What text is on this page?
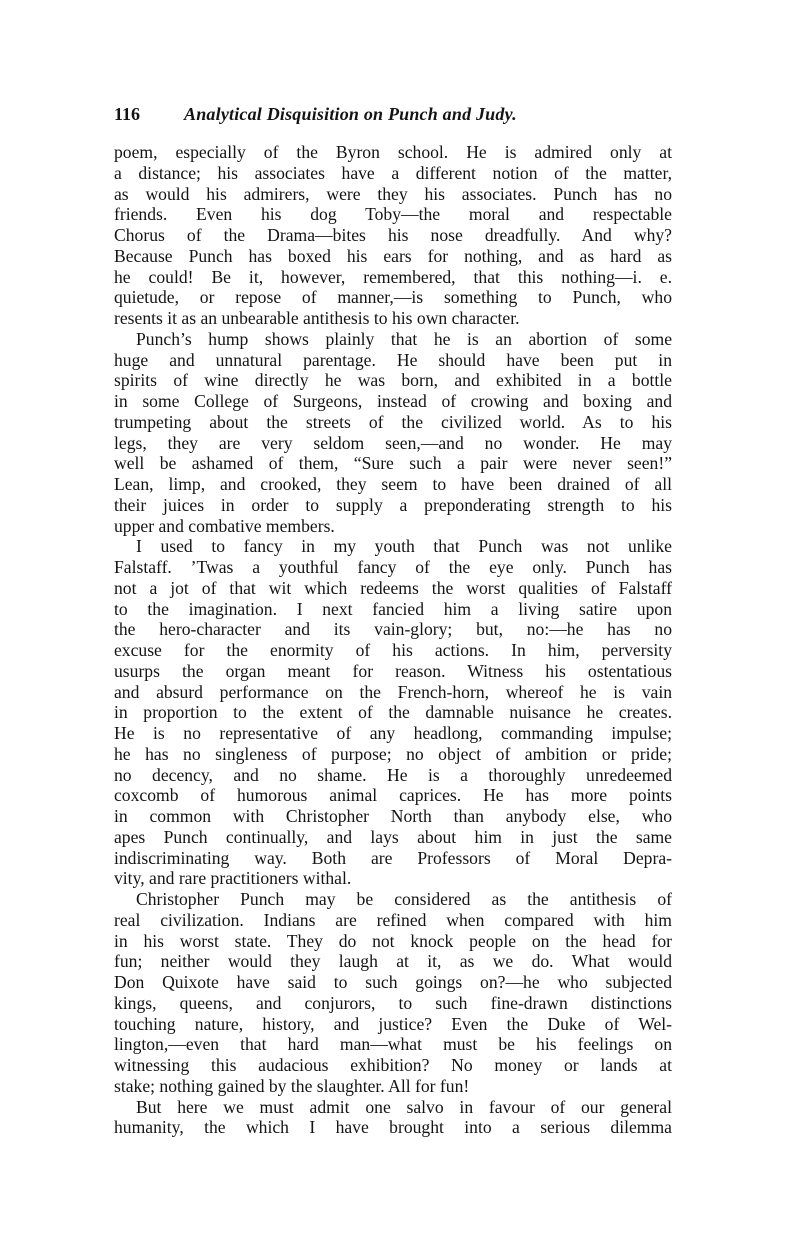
116 Analytical Disquisition on Punch and Judy.
poem, especially of the Byron school. He is admired only at
a distance; his associates have a different notion of the matter,
as would his admirers, were they his associates. Punch has no
friends. Even his dog Toby—the moral and respectable
Chorus of the Drama—bites his nose dreadfully. And why?
Because Punch has boxed his ears for nothing, and as hard as
he could! Be it, however, remembered, that this nothing—i. e.
quietude, or repose of manner,—is something to Punch, who
resents it as an unbearable antithesis to his own character.
Punch’s hump shows plainly that he is an abortion of some
huge and unnatural parentage. He should have been put in
spirits of wine directly he was born, and exhibited in a bottle
in some College of Surgeons, instead of crowing and boxing and
trumpeting about the streets of the civilized world. As to his
legs, they are very seldom seen,—and no wonder. He may
well be ashamed of them, “Sure such a pair were never seen!”
Lean, limp, and crooked, they seem to have been drained of all
their juices in order to supply a preponderating strength to his
upper and combative members.
I used to fancy in my youth that Punch was not unlike
Falstaff. ’Twas a youthful fancy of the eye only. Punch has
not a jot of that wit which redeems the worst qualities of Falstaff
to the imagination. I next fancied him a living satire upon
the hero-character and its vain-glory; but, no:—he has no
excuse for the enormity of his actions. In him, perversity
usurps the organ meant for reason. Witness his ostentatious
and absurd performance on the French-horn, whereof he is vain
in proportion to the extent of the damnable nuisance he creates.
He is no representative of any headlong, commanding impulse;
he has no singleness of purpose; no object of ambition or pride;
no decency, and no shame. He is a thoroughly unredeemed
coxcomb of humorous animal caprices. He has more points
in common with Christopher North than anybody else, who
apes Punch continually, and lays about him in just the same
indiscriminating way. Both are Professors of Moral Depra-
vity, and rare practitioners withal.
Christopher Punch may be considered as the antithesis of
real civilization. Indians are refined when compared with him
in his worst state. They do not knock people on the head for
fun; neither would they laugh at it, as we do. What would
Don Quixote have said to such goings on?—he who subjected
kings, queens, and conjurors, to such fine-drawn distinctions
touching nature, history, and justice? Even the Duke of Wel-
lington,—even that hard man—what must be his feelings on
witnessing this audacious exhibition? No money or lands at
stake; nothing gained by the slaughter. All for fun!
But here we must admit one salvo in favour of our general
humanity, the which I have brought into a serious dilemma
